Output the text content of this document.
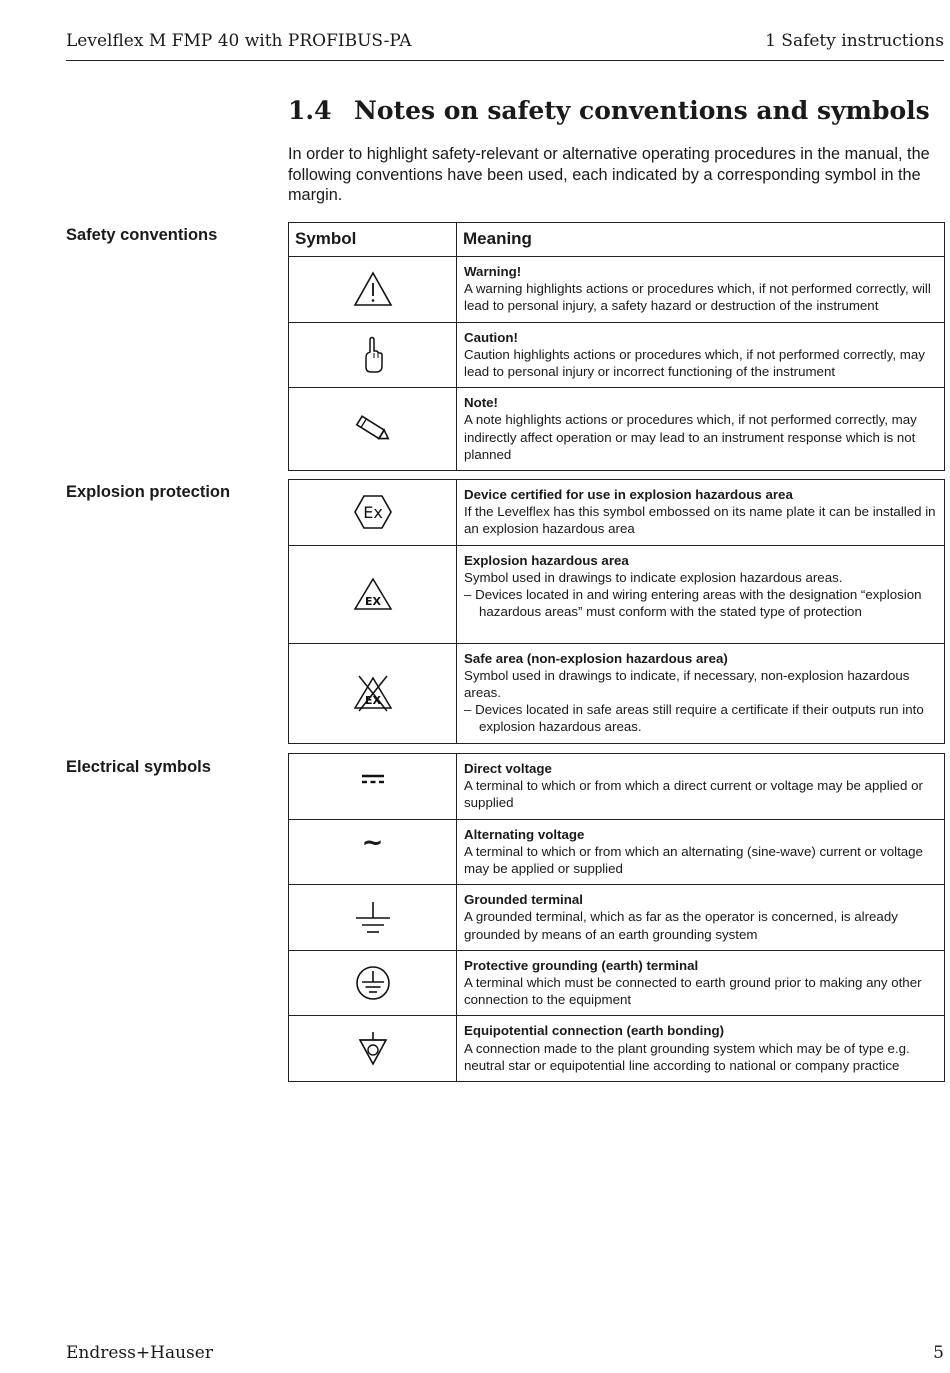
Levelflex M FMP 40 with PROFIBUS-PA	1 Safety instructions
1.4 Notes on safety conventions and symbols

In order to highlight safety-relevant or alternative operating procedures in the manual, the following conventions have been used, each indicated by a corresponding symbol in the margin.

Safety conventions	Symbol	Meaning

Warning!
A warning highlights actions or procedures which, if not performed correctly, will lead to personal injury, a safety hazard or destruction of the instrument

Caution!
Caution highlights actions or procedures which, if not performed correctly, may lead to personal injury or incorrect functioning of the instrument

Note!
A note highlights actions or procedures which, if not performed correctly, may indirectly affect operation or may lead to an instrument response which is not planned
Explosion protection
Ex	Device certified for use in explosion hazardous area
If the Levelflex has this symbol embossed on its name plate it can be installed in an explosion hazardous area

EX	Explosion hazardous area
Symbol used in drawings to indicate explosion hazardous areas.
– Devices located in and wiring entering areas with the designation “explosion hazardous areas” must conform with the stated type of protection

EX	Safe area (non-explosion hazardous area)
Symbol used in drawings to indicate, if necessary, non-explosion hazardous areas.
– Devices located in safe areas still require a certificate if their outputs run into explosion hazardous areas.
Electrical symbols
		Direct voltage
A terminal to which or from which a direct current or voltage may be applied or supplied
~	Alternating voltage
A terminal to which or from which an alternating (sine-wave) current or voltage may be applied or supplied

Grounded terminal
A grounded terminal, which as far as the operator is concerned, is already grounded by means of an earth grounding system

Protective grounding (earth) terminal
A terminal which must be connected to earth ground prior to making any other connection to the equipment

Equipotential connection (earth bonding)
A connection made to the plant grounding system which may be of type e.g. neutral star or equipotential line according to national or company practice
Endress+Hauser	5
